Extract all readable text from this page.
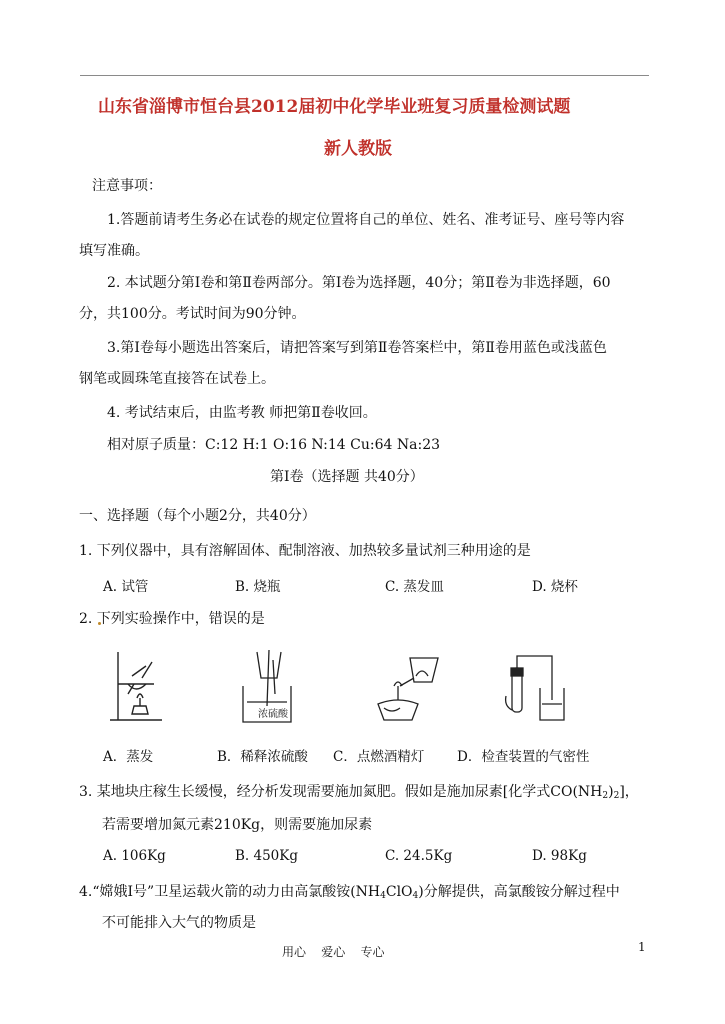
山东省淄博市恒台县2012届初中化学毕业班复习质量检测试题
新人教版
注意事项：
1.答题前请考生务必在试卷的规定位置将自己的单位、姓名、准考证号、座号等内容
填写准确。
2. 本试题分第Ⅰ卷和第Ⅱ卷两部分。第Ⅰ卷为选择题，40分；第Ⅱ卷为非选择题，60
分，共100分。考试时间为90分钟。
3.第Ⅰ卷每小题选出答案后，请把答案写到第Ⅱ卷答案栏中，第Ⅱ卷用蓝色或浅蓝色
钢笔或圆珠笔直接答在试卷上。
4. 考试结束后，由监考教 师把第Ⅱ卷收回。
相对原子质量：C:12 H:1 O:16 N:14 Cu:64 Na:23
第Ⅰ卷（选择题 共40分）
一、选择题（每个小题2分，共40分）
1. 下列仪器中，具有溶解固体、配制溶液、加热较多量试剂三种用途的是
A. 试管	B. 烧瓶	C. 蒸发皿	D. 烧杯
2. 下列实验操作中，错误的是
浓硫酸
A．蒸发	B．稀释浓硫酸 C．点燃酒精灯 D．检查装置的气密性
3. 某地块庄稼生长缓慢，经分析发现需要施加氮肥。假如是施加尿素[化学式$CO(NH_2)_2$]，
若需要增加氮元素210Kg，则需要施加尿素
A. 106Kg	B. 450Kg	C. 24.5Kg	D. 98Kg
4.“嫦娥Ⅰ号”卫星运载火箭的动力由高氯酸铵$(NH_4ClO_4)$分解提供，高氯酸铵分解过程中
不可能排入大气的物质是
用心    爱心    专心	1
